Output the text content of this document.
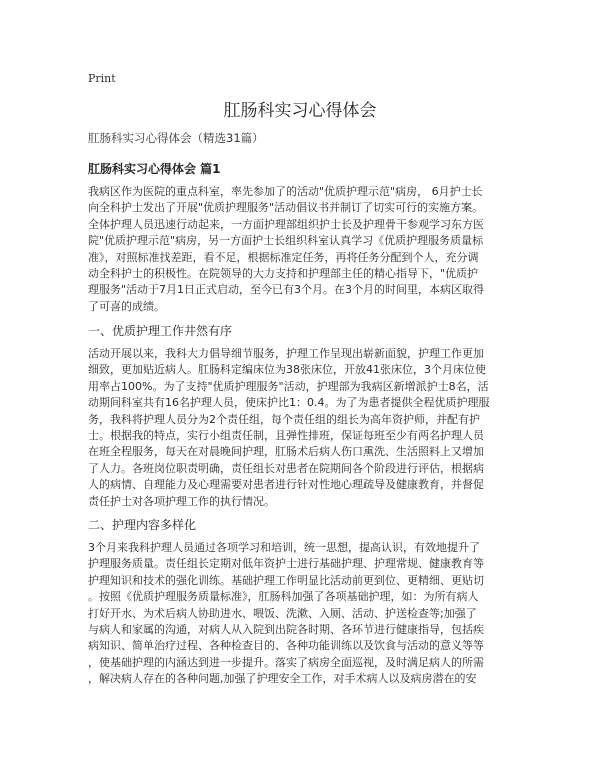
Print
肛肠科实习心得体会
肛肠科实习心得体会（精选31篇）
肛肠科实习心得体会 篇1
我病区作为医院的重点科室，率先参加了的活动"优质护理示范"病房， 6月护士长
向全科护士发出了开展"优质护理服务"活动倡议书并制订了切实可行的实施方案。
全体护理人员迅速行动起来，一方面护理部组织护士长及护理骨干参观学习东方医
院"优质护理示范"病房，另一方面护士长组织科室认真学习《优质护理服务质量标
准》，对照标准找差距，看不足，根据标准定任务，再将任务分配到个人，充分调
动全科护士的积极性。在院领导的大力支持和护理部主任的精心指导下，"优质护
理服务"活动于7月1日正式启动，至今已有3个月。在3个月的时间里，本病区取得
了可喜的成绩。
一、优质护理工作井然有序
活动开展以来，我科大力倡导细节服务，护理工作呈现出崭新面貌，护理工作更加
细致，更加贴近病人。肛肠科定编床位为38张床位，开放41张床位，3个月床位使
用率占100%。为了支持"优质护理服务"活动，护理部为我病区新增派护士8名，活
动期间科室共有16名护理人员，使床护比1：0.4。为了为患者提供全程优质护理服
务，我科将护理人员分为2个责任组，每个责任组的组长为高年资护师，并配有护
士。根据我的特点，实行小组责任制，且弹性排班，保证每班至少有两名护理人员
在班全程服务，每天在对晨晚间护理，肛肠术后病人伤口熏洗、生活照料上又增加
了人力。各班岗位职责明确，责任组长对患者在院期间各个阶段进行评估，根据病
人的病情、自理能力及心理需要对患者进行针对性地心理疏导及健康教育，并督促
责任护士对各项护理工作的执行情况。
二、护理内容多样化
3个月来我科护理人员通过各项学习和培训，统一思想，提高认识，有效地提升了
护理服务质量。责任组长定期对低年资护士进行基础护理、护理常规、健康教育等
护理知识和技术的强化训练。基础护理工作明显比活动前更到位、更精细、更贴切
。按照《优质护理服务质量标准》，肛肠科加强了各项基础护理，如：为所有病人
打好开水、为术后病人协助进水、喂饭、洗漱、入厕、活动、护送检查等;加强了
与病人和家属的沟通，对病人从入院到出院各时期、各环节进行健康指导，包括疾
病知识、简单治疗过程、各种检查目的、各种功能训练以及饮食与活动的意义等等
，使基础护理的内涵达到进一步提升。落实了病房全面巡视，及时满足病人的所需
，解决病人存在的各种问题,加强了护理安全工作，对手术病人以及病房潜在的安
